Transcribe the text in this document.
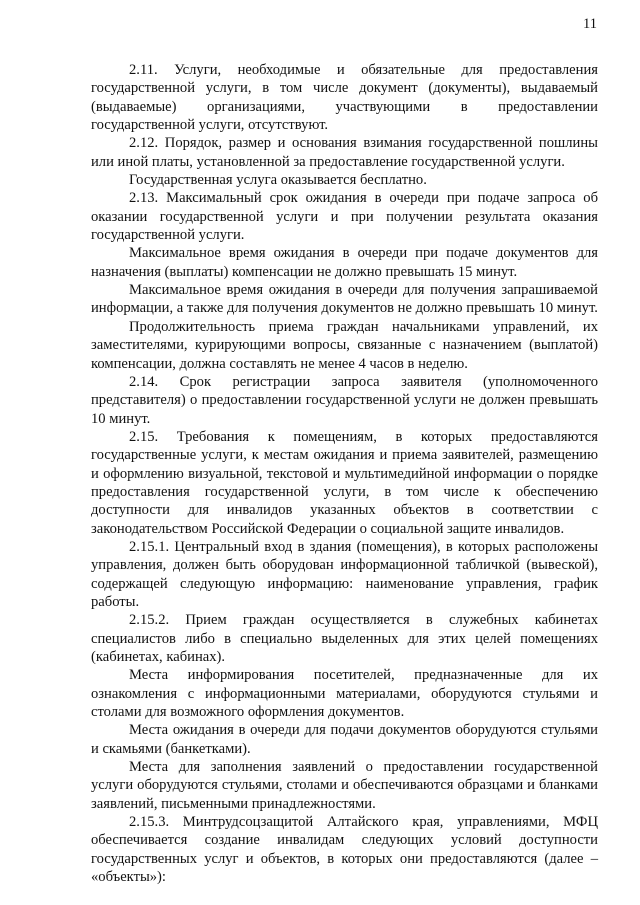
11

2.11. Услуги, необходимые и обязательные для предоставления государственной услуги, в том числе документ (документы), выдаваемый (выдаваемые) организациями, участвующими в предоставлении государственной услуги, отсутствуют.

2.12. Порядок, размер и основания взимания государственной пошлины или иной платы, установленной за предоставление государственной услуги.

Государственная услуга оказывается бесплатно.

2.13. Максимальный срок ожидания в очереди при подаче запроса об оказании государственной услуги и при получении результата оказания государственной услуги.

Максимальное время ожидания в очереди при подаче документов для назначения (выплаты) компенсации не должно превышать 15 минут.

Максимальное время ожидания в очереди для получения запрашиваемой информации, а также для получения документов не должно превышать 10 минут.

Продолжительность приема граждан начальниками управлений, их заместителями, курирующими вопросы, связанные с назначением (выплатой) компенсации, должна составлять не менее 4 часов в неделю.

2.14. Срок регистрации запроса заявителя (уполномоченного представителя) о предоставлении государственной услуги не должен превышать 10 минут.

2.15. Требования к помещениям, в которых предоставляются государственные услуги, к местам ожидания и приема заявителей, размещению и оформлению визуальной, текстовой и мультимедийной информации о порядке предоставления государственной услуги, в том числе к обеспечению доступности для инвалидов указанных объектов в соответствии с законодательством Российской Федерации о социальной защите инвалидов.

2.15.1. Центральный вход в здания (помещения), в которых расположены управления, должен быть оборудован информационной табличкой (вывеской), содержащей следующую информацию: наименование управления, график работы.

2.15.2. Прием граждан осуществляется в служебных кабинетах специалистов либо в специально выделенных для этих целей помещениях (кабинетах, кабинах).

Места информирования посетителей, предназначенные для их ознакомления с информационными материалами, оборудуются стульями и столами для возможного оформления документов.

Места ожидания в очереди для подачи документов оборудуются стульями и скамьями (банкетками).

Места для заполнения заявлений о предоставлении государственной услуги оборудуются стульями, столами и обеспечиваются образцами и бланками заявлений, письменными принадлежностями.

2.15.3. Минтрудсоцзащитой Алтайского края, управлениями, МФЦ обеспечивается создание инвалидам следующих условий доступности государственных услуг и объектов, в которых они предоставляются (далее – «объекты»):
